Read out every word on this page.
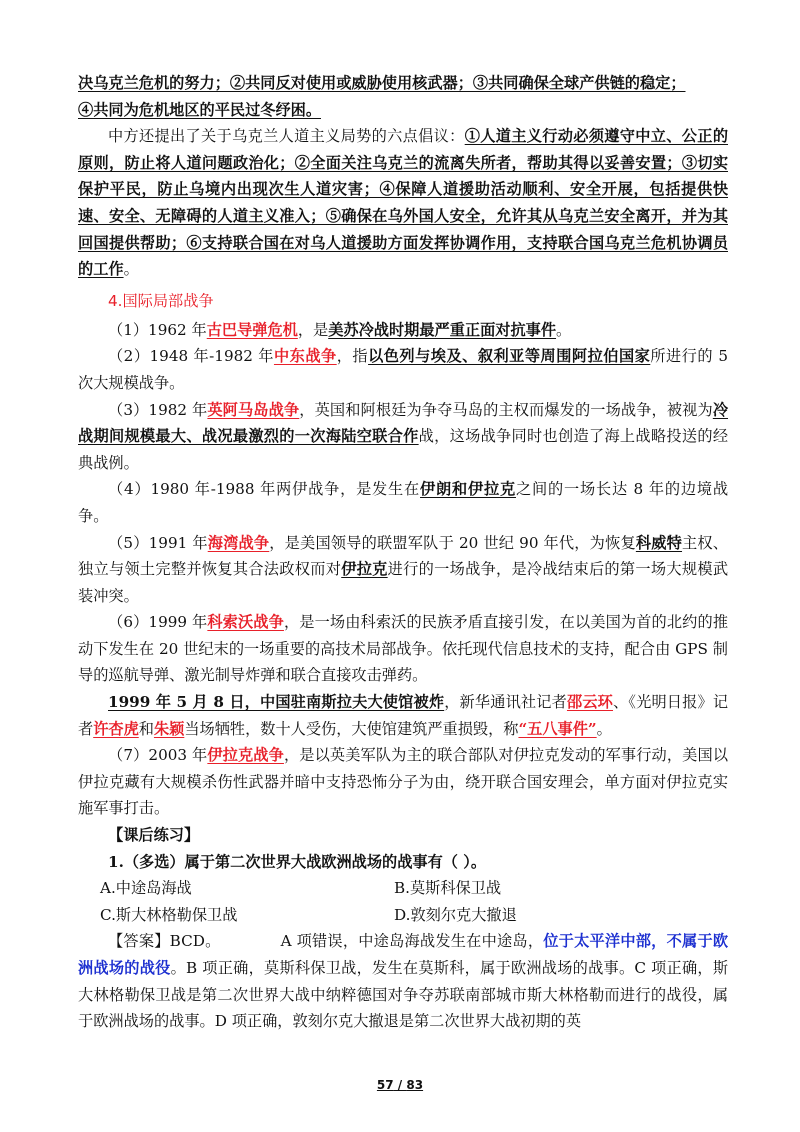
决乌克兰危机的努力；②共同反对使用或威胁使用核武器；③共同确保全球产供链的稳定；
④共同为危机地区的平民过冬纾困。

中方还提出了关于乌克兰人道主义局势的六点倡议：①人道主义行动必须遵守中立、公正的原则，防止将人道问题政治化；②全面关注乌克兰的流离失所者，帮助其得以妥善安置；③切实保护平民，防止乌境内出现次生人道灾害；④保障人道援助活动顺利、安全开展，包括提供快速、安全、无障碍的人道主义准入；⑤确保在乌外国人安全，允许其从乌克兰安全离开，并为其回国提供帮助；⑥支持联合国在对乌人道援助方面发挥协调作用，支持联合国乌克兰危机协调员的工作。

4.国际局部战争

（1）1962 年古巴导弹危机，是美苏冷战时期最严重正面对抗事件。

（2）1948 年-1982 年中东战争，指以色列与埃及、叙利亚等周围阿拉伯国家所进行的 5 次大规模战争。

（3）1982 年英阿马岛战争，英国和阿根廷为争夺马岛的主权而爆发的一场战争，被视为冷战期间规模最大、战况最激烈的一次海陆空联合作战，这场战争同时也创造了海上战略投送的经典战例。

（4）1980 年-1988 年两伊战争，是发生在伊朗和伊拉克之间的一场长达 8 年的边境战争。

（5）1991 年海湾战争，是美国领导的联盟军队于 20 世纪 90 年代，为恢复科威特主权、独立与领土完整并恢复其合法政权而对伊拉克进行的一场战争，是冷战结束后的第一场大规模武装冲突。

（6）1999 年科索沃战争，是一场由科索沃的民族矛盾直接引发，在以美国为首的北约的推动下发生在 20 世纪末的一场重要的高技术局部战争。依托现代信息技术的支持，配合由 GPS 制导的巡航导弹、激光制导炸弹和联合直接攻击弹药。

1999 年 5 月 8 日，中国驻南斯拉夫大使馆被炸，新华通讯社记者邵云环、《光明日报》记者许杏虎和朱颖当场牺牲，数十人受伤，大使馆建筑严重损毁，称“五八事件”。

（7）2003 年伊拉克战争，是以英美军队为主的联合部队对伊拉克发动的军事行动，美国以伊拉克藏有大规模杀伤性武器并暗中支持恐怖分子为由，绕开联合国安理会，单方面对伊拉克实施军事打击。

【课后练习】

1.（多选）属于第二次世界大战欧洲战场的战事有（ ）。

A.中途岛海战	B.莫斯科保卫战
C.斯大林格勒保卫战	D.敦刻尔克大撤退

【答案】BCD。	A 项错误，中途岛海战发生在中途岛，位于太平洋中部，不属于欧洲战场的战役。B 项正确，莫斯科保卫战，发生在莫斯科，属于欧洲战场的战事。C 项正确，斯大林格勒保卫战是第二次世界大战中纳粹德国对争夺苏联南部城市斯大林格勒而进行的战役，属于欧洲战场的战事。D 项正确，敦刻尔克大撤退是第二次世界大战初期的英

57 / 83
